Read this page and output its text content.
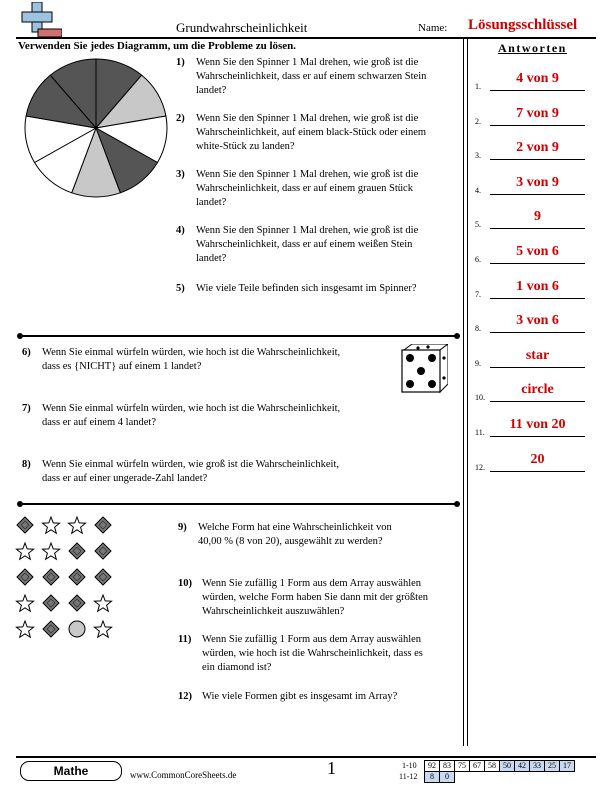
Grundwahrscheinlichkeit	Name: Lösungsschlüssel
Verwenden Sie jedes Diagramm, um die Probleme zu lösen.	Antworten
1) Wenn Sie den Spinner 1 Mal drehen, wie groß ist die
Wahrscheinlichkeit, dass er auf einem schwarzen Stein
landet?
2) Wenn Sie den Spinner 1 Mal drehen, wie groß ist die
Wahrscheinlichkeit, auf einem black-Stück oder einem
white-Stück zu landen?
3) Wenn Sie den Spinner 1 Mal drehen, wie groß ist die
Wahrscheinlichkeit, dass er auf einem grauen Stück
landet?
4) Wenn Sie den Spinner 1 Mal drehen, wie groß ist die
Wahrscheinlichkeit, dass er auf einem weißen Stein
landet?
5) Wie viele Teile befinden sich insgesamt im Spinner?
6) Wenn Sie einmal würfeln würden, wie hoch ist die Wahrscheinlichkeit,
dass es {NICHT} auf einem 1 landet?
7) Wenn Sie einmal würfeln würden, wie hoch ist die Wahrscheinlichkeit,
dass er auf einem 4 landet?
8) Wenn Sie einmal würfeln würden, wie groß ist die Wahrscheinlichkeit,
dass er auf einer ungerade-Zahl landet?
9) Welche Form hat eine Wahrscheinlichkeit von
40,00 % (8 von 20), ausgewählt zu werden?
10) Wenn Sie zufällig 1 Form aus dem Array auswählen
würden, welche Form haben Sie dann mit der größten
Wahrscheinlichkeit auszuwählen?
11) Wenn Sie zufällig 1 Form aus dem Array auswählen
würden, wie hoch ist die Wahrscheinlichkeit, dass es
ein diamond ist?
12) Wie viele Formen gibt es insgesamt im Array?
1.
4 von 9
2.
7 von 9
3.
2 von 9
4.
3 von 9
5.
9
6.
5 von 6
7.
1 von 6
8.
3 von 6
9.
star
10.
circle
11.
11 von 20
12.
20
Mathe	www.CommonCoreSheets.de	1	1-10 92	83	75	67	58	50	42	33	25	17
11-12 8	0
